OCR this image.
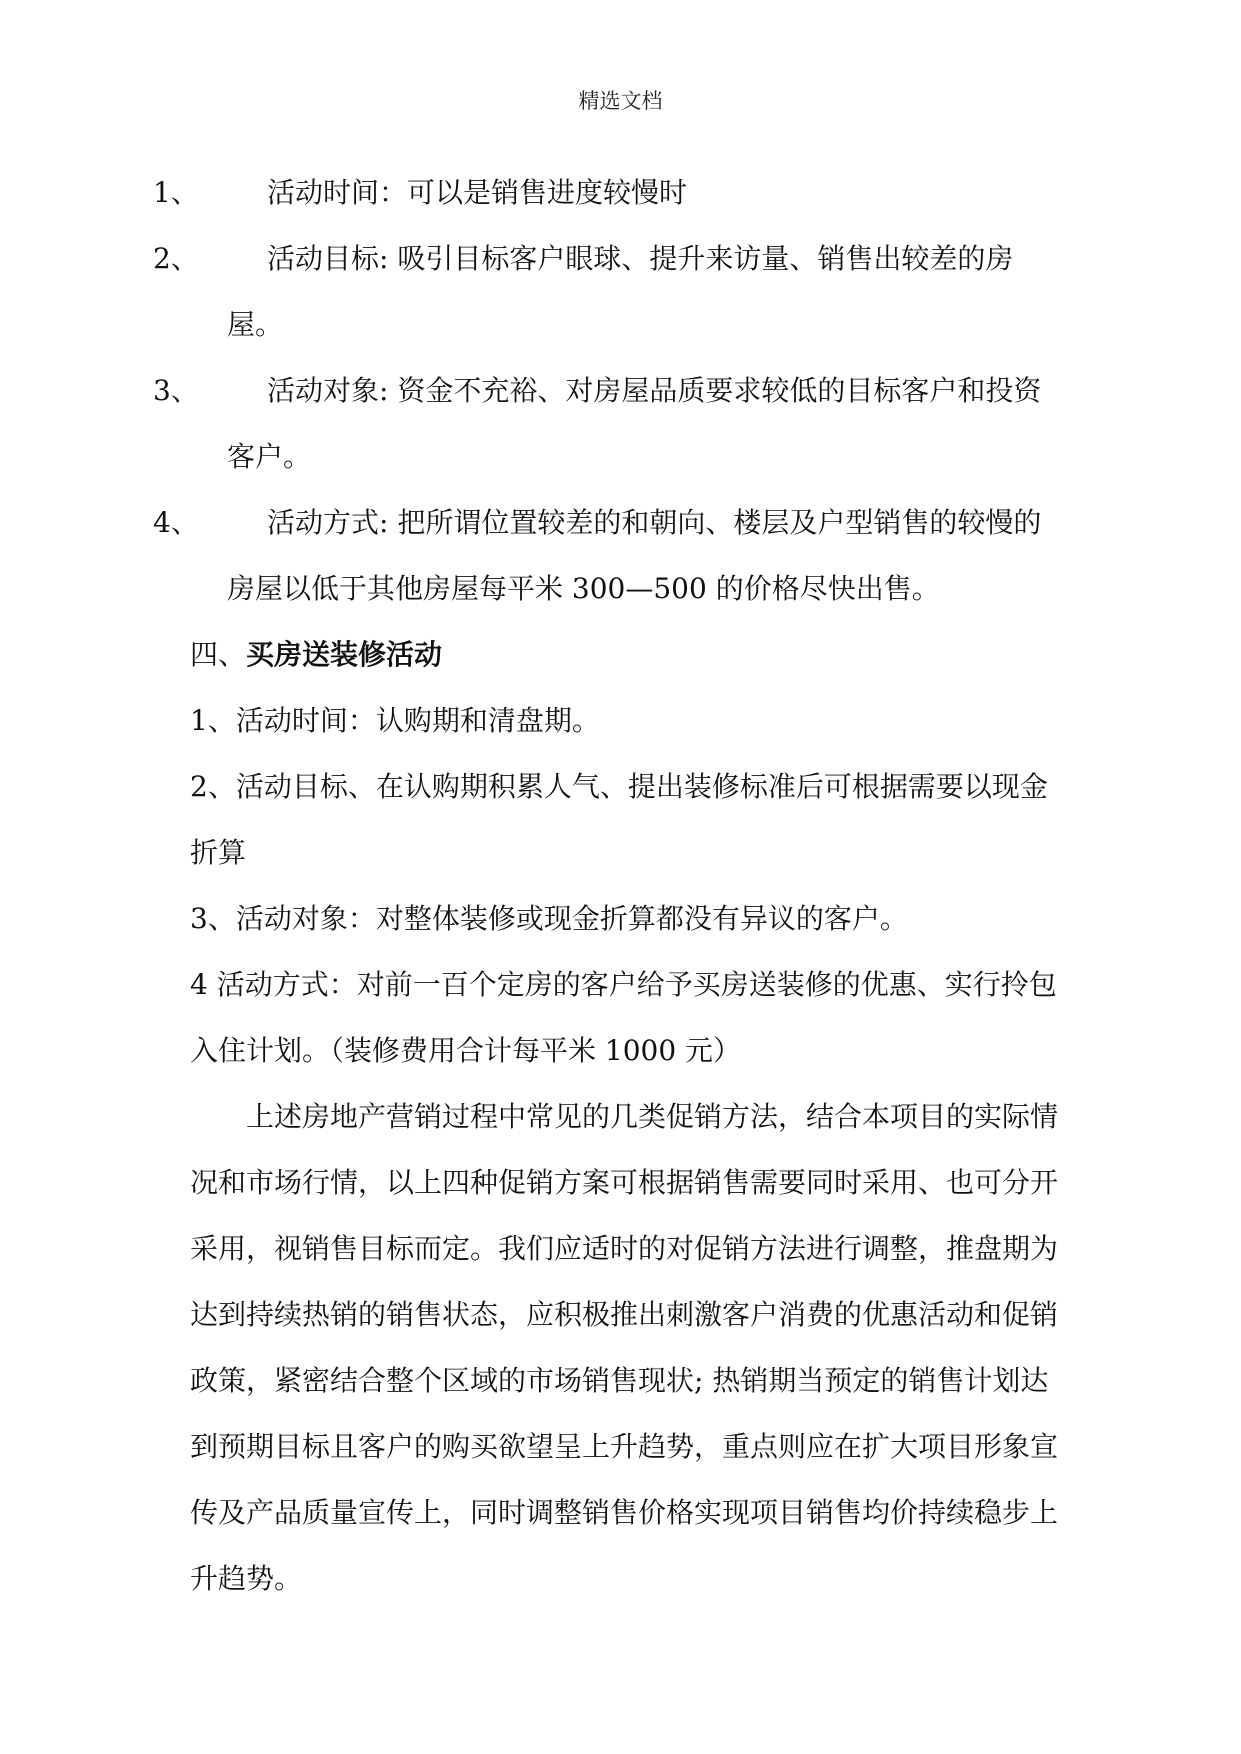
精选文档
1、	活动时间：可以是销售进度较慢时
2、	活动目标: 吸引目标客户眼球、提升来访量、销售出较差的房屋。
3、	活动对象: 资金不充裕、对房屋品质要求较低的目标客户和投资客户。
4、	活动方式: 把所谓位置较差的和朝向、楼层及户型销售的较慢的房屋以低于其他房屋每平米 300—500 的价格尽快出售。
四、买房送装修活动
1、活动时间：认购期和清盘期。
2、活动目标、在认购期积累人气、提出装修标准后可根据需要以现金折算
3、活动对象：对整体装修或现金折算都没有异议的客户。
4 活动方式：对前一百个定房的客户给予买房送装修的优惠、实行拎包入住计划。（装修费用合计每平米 1000 元）
上述房地产营销过程中常见的几类促销方法，结合本项目的实际情况和市场行情，以上四种促销方案可根据销售需要同时采用、也可分开采用，视销售目标而定。我们应适时的对促销方法进行调整，推盘期为达到持续热销的销售状态，应积极推出刺激客户消费的优惠活动和促销政策，紧密结合整个区域的市场销售现状; 热销期当预定的销售计划达到预期目标且客户的购买欲望呈上升趋势，重点则应在扩大项目形象宣传及产品质量宣传上，同时调整销售价格实现项目销售均价持续稳步上升趋势。
